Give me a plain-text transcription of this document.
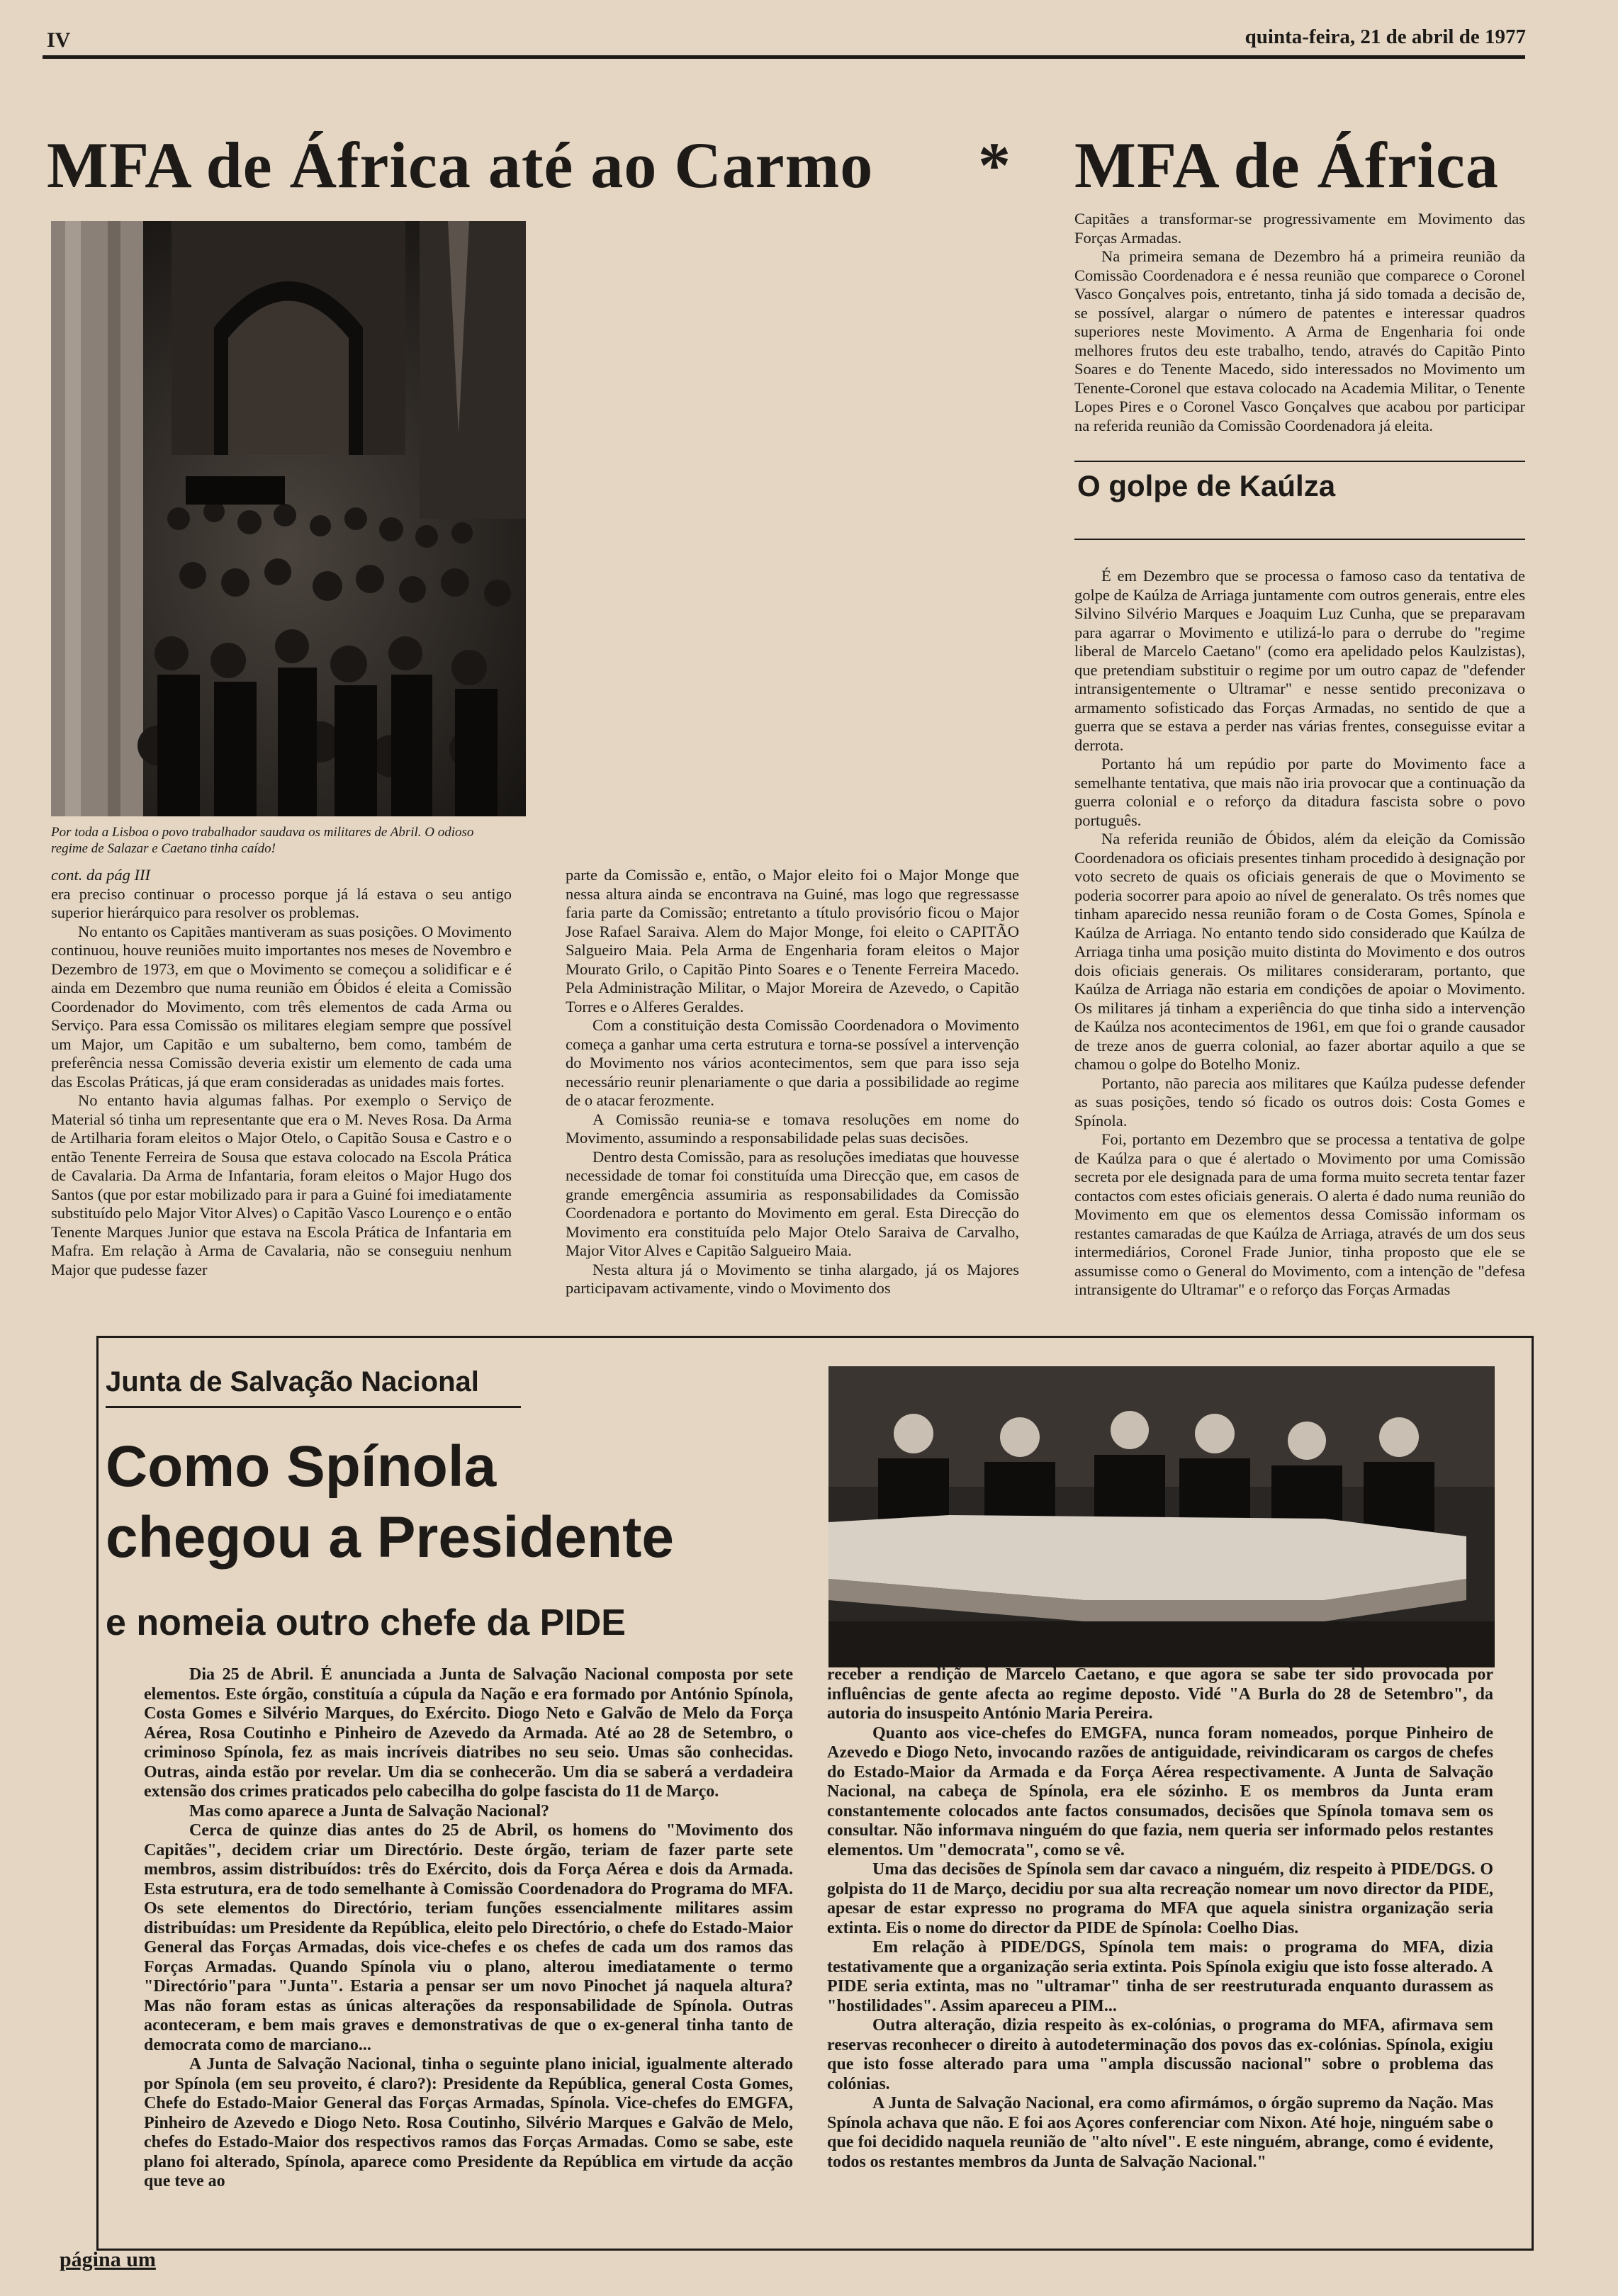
IV	quinta-feira, 21 de abril de 1977
MFA de África até ao Carmo * MFA de África
Por toda a Lisboa o povo trabalhador saudava os militares de Abril. O odioso regime de Salazar e Caetano tinha caído!
cont. da pág III

era preciso continuar o processo porque já lá estava o seu antigo superior hierárquico para resolver os problemas.

No entanto os Capitães mantiveram as suas posições. O Movimento continuou, houve reuniões muito importantes nos meses de Novembro e Dezembro de 1973, em que o Movimento se começou a solidificar e é ainda em Dezembro que numa reunião em Óbidos é eleita a Comissão Coordenador do Movimento, com três elementos de cada Arma ou Serviço. Para essa Comissão os militares elegiam sempre que possível um Major, um Capitão e um subalterno, bem como, também de preferência nessa Comissão deveria existir um elemento de cada uma das Escolas Práticas, já que eram consideradas as unidades mais fortes.

No entanto havia algumas falhas. Por exemplo o Serviço de Material só tinha um representante que era o M. Neves Rosa. Da Arma de Artilharia foram eleitos o Major Otelo, o Capitão Sousa e Castro e o então Tenente Ferreira de Sousa que estava colocado na Escola Prática de Cavalaria. Da Arma de Infantaria, foram eleitos o Major Hugo dos Santos (que por estar mobilizado para ir para a Guiné foi imediatamente substituído pelo Major Vitor Alves) o Capitão Vasco Lourenço e o então Tenente Marques Junior que estava na Escola Prática de Infantaria em Mafra. Em relação à Arma de Cavalaria, não se conseguiu nenhum Major que pudesse fazer

parte da Comissão e, então, o Major eleito foi o Major Monge que nessa altura ainda se encontrava na Guiné, mas logo que regressasse faria parte da Comissão; entretanto a título provisório ficou o Major Jose Rafael Saraiva. Alem do Major Monge, foi eleito o CAPITÃO Salgueiro Maia. Pela Arma de Engenharia foram eleitos o Major Mourato Grilo, o Capitão Pinto Soares e o Tenente Ferreira Macedo. Pela Administração Militar, o Major Moreira de Azevedo, o Capitão Torres e o Alferes Geraldes.

Com a constituição desta Comissão Coordenadora o Movimento começa a ganhar uma certa estrutura e torna-se possível a intervenção do Movimento nos vários acontecimentos, sem que para isso seja necessário reunir plenariamente o que daria a possibilidade ao regime de o atacar ferozmente.

A Comissão reunia-se e tomava resoluções em nome do Movimento, assumindo a responsabilidade pelas suas decisões.

Dentro desta Comissão, para as resoluções imediatas que houvesse necessidade de tomar foi constituída uma Direcção que, em casos de grande emergência assumiria as responsabilidades da Comissão Coordenadora e portanto do Movimento em geral. Esta Direcção do Movimento era constituída pelo Major Otelo Saraiva de Carvalho, Major Vitor Alves e Capitão Salgueiro Maia.

Nesta altura já o Movimento se tinha alargado, já os Majores participavam activamente, vindo o Movimento dos

Capitães a transformar-se progressivamente em Movimento das Forças Armadas.

Na primeira semana de Dezembro há a primeira reunião da Comissão Coordenadora e é nessa reunião que comparece o Coronel Vasco Gonçalves pois, entretanto, tinha já sido tomada a decisão de, se possível, alargar o número de patentes e interessar quadros superiores neste Movimento. A Arma de Engenharia foi onde melhores frutos deu este trabalho, tendo, através do Capitão Pinto Soares e do Tenente Macedo, sido interessados no Movimento um Tenente-Coronel que estava colocado na Academia Militar, o Tenente Lopes Pires e o Coronel Vasco Gonçalves que acabou por participar na referida reunião da Comissão Coordenadora já eleita.

O golpe de Kaúlza

É em Dezembro que se processa o famoso caso da tentativa de golpe de Kaúlza de Arriaga juntamente com outros generais, entre eles Silvino Silvério Marques e Joaquim Luz Cunha, que se preparavam para agarrar o Movimento e utilizá-lo para o derrube do "regime liberal de Marcelo Caetano" (como era apelidado pelos Kaulzistas), que pretendiam substituir o regime por um outro capaz de "defender intransigentemente o Ultramar" e nesse sentido preconizava o armamento sofisticado das Forças Armadas, no sentido de que a guerra que se estava a perder nas várias frentes, conseguisse evitar a derrota.

Portanto há um repúdio por parte do Movimento face a semelhante tentativa, que mais não iria provocar que a continuação da guerra colonial e o reforço da ditadura fascista sobre o povo português.

Na referida reunião de Óbidos, além da eleição da Comissão Coordenadora os oficiais presentes tinham procedido à designação por voto secreto de quais os oficiais generais de que o Movimento se poderia socorrer para apoio ao nível de generalato. Os três nomes que tinham aparecido nessa reunião foram o de Costa Gomes, Spínola e Kaúlza de Arriaga. No entanto tendo sido considerado que Kaúlza de Arriaga tinha uma posição muito distinta do Movimento e dos outros dois oficiais generais. Os militares consideraram, portanto, que Kaúlza de Arriaga não estaria em condições de apoiar o Movimento. Os militares já tinham a experiência do que tinha sido a intervenção de Kaúlza nos acontecimentos de 1961, em que foi o grande causador de treze anos de guerra colonial, ao fazer abortar aquilo a que se chamou o golpe do Botelho Moniz.

Portanto, não parecia aos militares que Kaúlza pudesse defender as suas posições, tendo só ficado os outros dois: Costa Gomes e Spínola.

Foi, portanto em Dezembro que se processa a tentativa de golpe de Kaúlza para o que é alertado o Movimento por uma Comissão secreta por ele designada para de uma forma muito secreta tentar fazer contactos com estes oficiais generais. O alerta é dado numa reunião do Movimento em que os elementos dessa Comissão informam os restantes camaradas de que Kaúlza de Arriaga, através de um dos seus intermediários, Coronel Frade Junior, tinha proposto que ele se assumisse como o General do Movimento, com a intenção de "defesa intransigente do Ultramar" e o reforço das Forças Armadas

Junta de Salvação Nacional
Como Spínola
chegou a Presidente
e nomeia outro chefe da PIDE

Dia 25 de Abril. É anunciada a Junta de Salvação Nacional composta por sete elementos. Este órgão, constituía a cúpula da Nação e era formado por António Spínola, Costa Gomes e Silvério Marques, do Exército. Diogo Neto e Galvão de Melo da Força Aérea, Rosa Coutinho e Pinheiro de Azevedo da Armada. Até ao 28 de Setembro, o criminoso Spínola, fez as mais incríveis diatribes no seu seio. Umas são conhecidas. Outras, ainda estão por revelar. Um dia se conhecerão. Um dia se saberá a verdadeira extensão dos crimes praticados pelo cabecilha do golpe fascista do 11 de Março.

Mas como aparece a Junta de Salvação Nacional?

Cerca de quinze dias antes do 25 de Abril, os homens do "Movimento dos Capitães", decidem criar um Directório. Deste órgão, teriam de fazer parte sete membros, assim distribuídos: três do Exército, dois da Força Aérea e dois da Armada. Esta estrutura, era de todo semelhante à Comissão Coordenadora do Programa do MFA. Os sete elementos do Directório, teriam funções essencialmente militares assim distribuídas: um Presidente da República, eleito pelo Directório, o chefe do Estado-Maior General das Forças Armadas, dois vice-chefes e os chefes de cada um dos ramos das Forças Armadas. Quando Spínola viu o plano, alterou imediatamente o termo "Directório"para "Junta". Estaria a pensar ser um novo Pinochet já naquela altura? Mas não foram estas as únicas alterações da responsabilidade de Spínola. Outras aconteceram, e bem mais graves e demonstrativas de que o ex-general tinha tanto de democrata como de marciano...

A Junta de Salvação Nacional, tinha o seguinte plano inicial, igualmente alterado por Spínola (em seu proveito, é claro?): Presidente da República, general Costa Gomes, Chefe do Estado-Maior General das Forças Armadas, Spínola. Vice-chefes do EMGFA, Pinheiro de Azevedo e Diogo Neto. Rosa Coutinho, Silvério Marques e Galvão de Melo, chefes do Estado-Maior dos respectivos ramos das Forças Armadas. Como se sabe, este plano foi alterado, Spínola, aparece como Presidente da República em virtude da acção que teve ao

receber a rendição de Marcelo Caetano, e que agora se sabe ter sido provocada por influências de gente afecta ao regime deposto. Vidé "A Burla do 28 de Setembro", da autoria do insuspeito António Maria Pereira.

Quanto aos vice-chefes do EMGFA, nunca foram nomeados, porque Pinheiro de Azevedo e Diogo Neto, invocando razões de antiguidade, reivindicaram os cargos de chefes do Estado-Maior da Armada e da Força Aérea respectivamente. A Junta de Salvação Nacional, na cabeça de Spínola, era ele sózinho. E os membros da Junta eram constantemente colocados ante factos consumados, decisões que Spínola tomava sem os consultar. Não informava ninguém do que fazia, nem queria ser informado pelos restantes elementos. Um "democrata", como se vê.

Uma das decisões de Spínola sem dar cavaco a ninguém, diz respeito à PIDE/DGS. O golpista do 11 de Março, decidiu por sua alta recreação nomear um novo director da PIDE, apesar de estar expresso no programa do MFA que aquela sinistra organização seria extinta. Eis o nome do director da PIDE de Spínola: Coelho Dias.

Em relação à PIDE/DGS, Spínola tem mais: o programa do MFA, dizia testativamente que a organização seria extinta. Pois Spínola exigiu que isto fosse alterado. A PIDE seria extinta, mas no "ultramar" tinha de ser reestruturada enquanto durassem as "hostilidades". Assim apareceu a PIM...

Outra alteração, dizia respeito às ex-colónias, o programa do MFA, afirmava sem reservas reconhecer o direito à autodeterminação dos povos das ex-colónias. Spínola, exigiu que isto fosse alterado para uma "ampla discussão nacional" sobre o problema das colónias.

A Junta de Salvação Nacional, era como afirmámos, o órgão supremo da Nação. Mas Spínola achava que não. E foi aos Açores conferenciar com Nixon. Até hoje, ninguém sabe o que foi decidido naquela reunião de "alto nível". E este ninguém, abrange, como é evidente, todos os restantes membros da Junta de Salvação Nacional."

página um
